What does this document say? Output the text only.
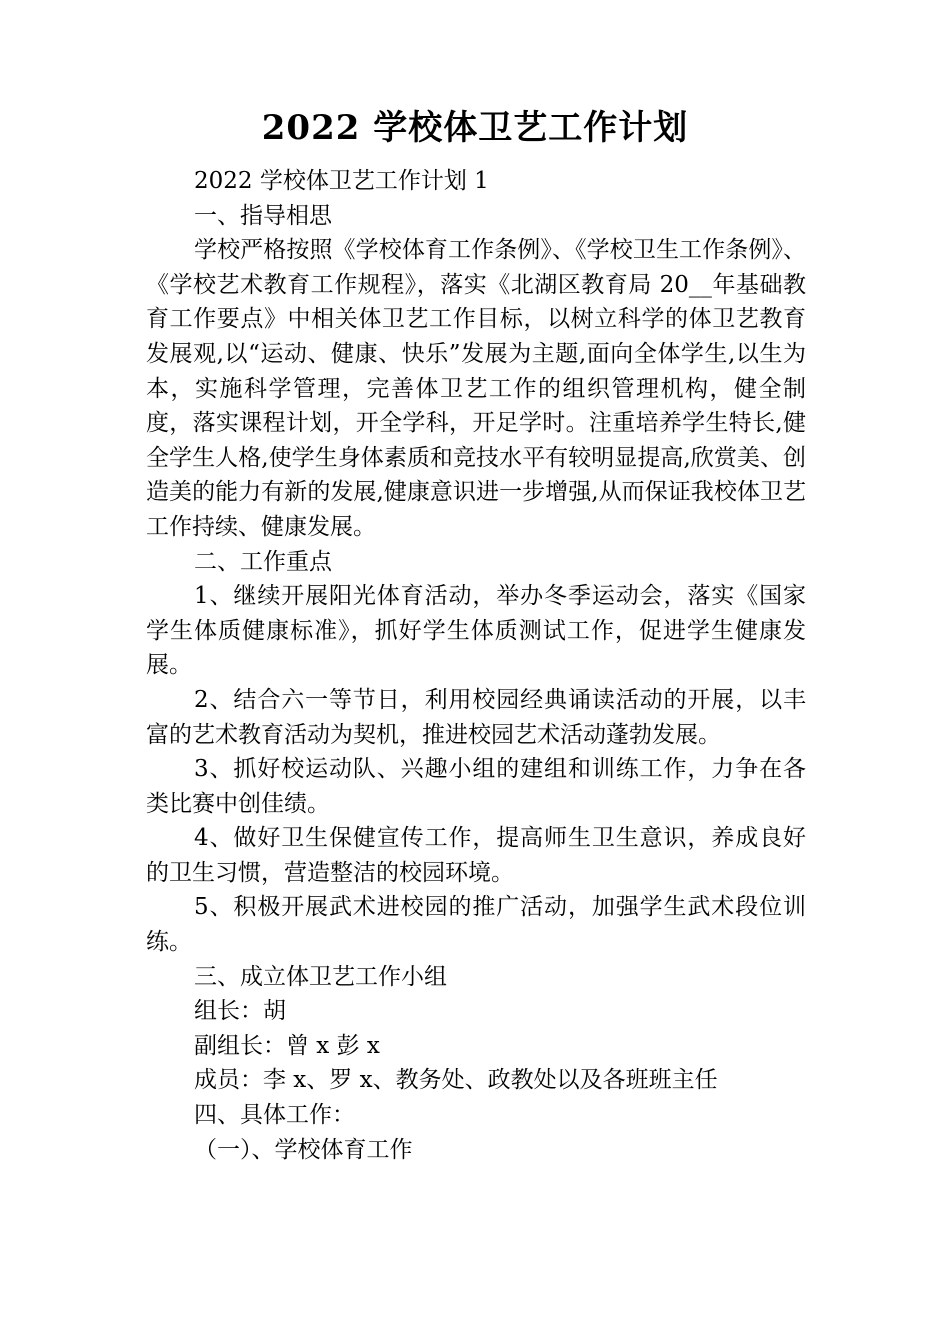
2022 学校体卫艺工作计划

2022 学校体卫艺工作计划 1

一、指导相思

学校严格按照《学校体育工作条例》、《学校卫生工作条例》、《学校艺术教育工作规程》，落实《北湖区教育局 20__年基础教育工作要点》中相关体卫艺工作目标，以树立科学的体卫艺教育发展观,以“运动、健康、快乐”发展为主题,面向全体学生,以生为本，实施科学管理，完善体卫艺工作的组织管理机构，健全制度，落实课程计划，开全学科，开足学时。注重培养学生特长,健全学生人格,使学生身体素质和竞技水平有较明显提高,欣赏美、创造美的能力有新的发展,健康意识进一步增强,从而保证我校体卫艺工作持续、健康发展。

二、工作重点

1、继续开展阳光体育活动，举办冬季运动会，落实《国家学生体质健康标准》，抓好学生体质测试工作，促进学生健康发展。

2、结合六一等节日，利用校园经典诵读活动的开展，以丰富的艺术教育活动为契机，推进校园艺术活动蓬勃发展。

3、抓好校运动队、兴趣小组的建组和训练工作，力争在各类比赛中创佳绩。

4、做好卫生保健宣传工作，提高师生卫生意识，养成良好的卫生习惯，营造整洁的校园环境。

5、积极开展武术进校园的推广活动，加强学生武术段位训练。

三、成立体卫艺工作小组

组长：胡

副组长：曾 x 彭 x

成员：李 x、罗 x、教务处、政教处以及各班班主任

四、具体工作：

（一）、学校体育工作
